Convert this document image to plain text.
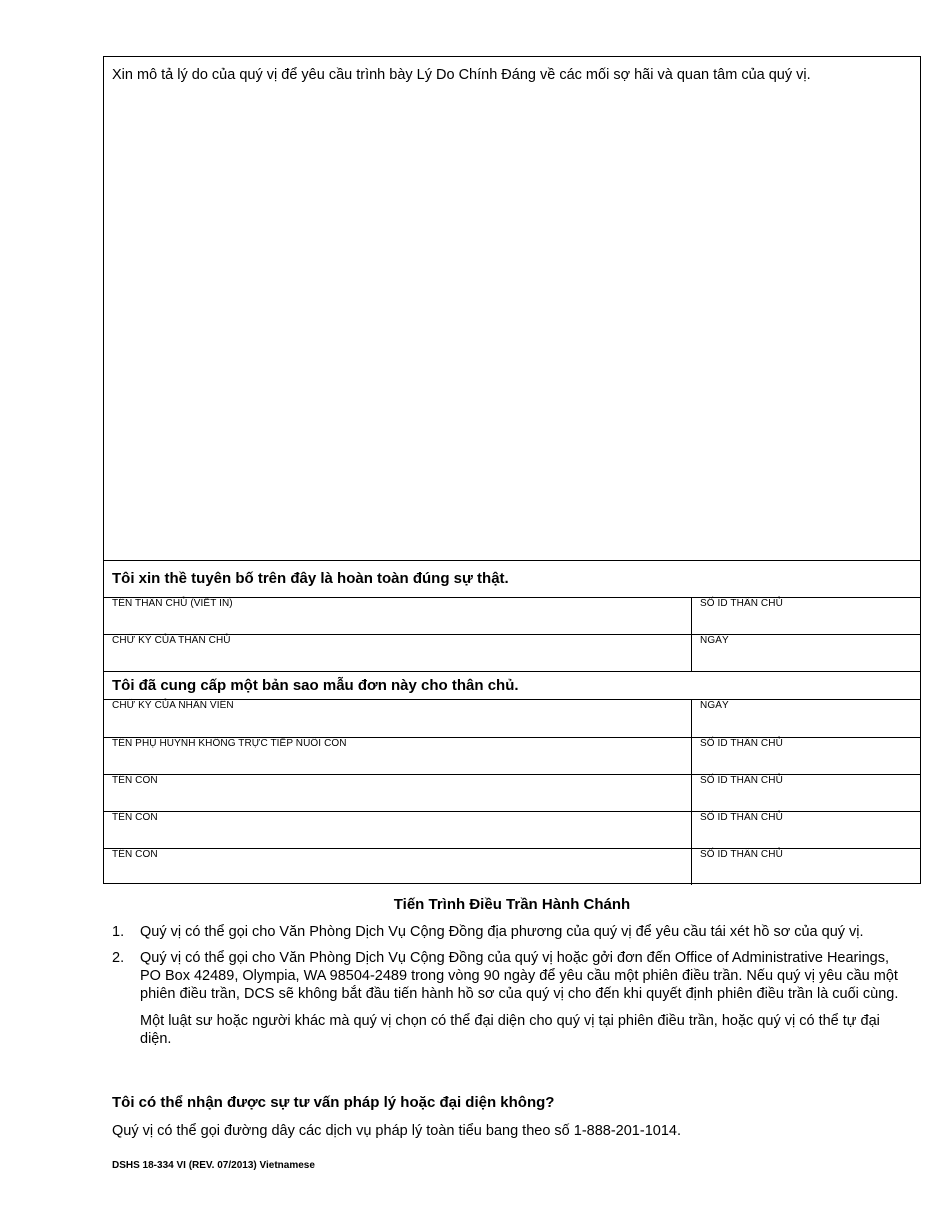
Xin mô tả lý do của quý vị để yêu cầu trình bày Lý Do Chính Đáng về các mối sợ hãi và quan tâm của quý vị.
Tôi xin thề tuyên bố trên đây là hoàn toàn đúng sự thật.
TÊN THÂN CHỦ (VIẾT IN)	SỐ ID THÂN CHỦ
CHỮ KÝ CỦA THÂN CHỦ	NGÀY
Tôi đã cung cấp một bản sao mẫu đơn này cho thân chủ.
CHỮ KÝ CỦA NHÂN VIÊN	NGÀY
TÊN PHỤ HUYNH KHÔNG TRỰC TIẾP NUÔI CON	SỐ ID THÂN CHỦ
TÊN CON	SỐ ID THÂN CHỦ
TÊN CON	SỐ ID THÂN CHỦ
TÊN CON	SỐ ID THÂN CHỦ
Tiến Trình Điều Trần Hành Chánh
1. Quý vị có thể gọi cho Văn Phòng Dịch Vụ Cộng Đồng địa phương của quý vị để yêu cầu tái xét hồ sơ của quý vị.
2. Quý vị có thể gọi cho Văn Phòng Dịch Vụ Cộng Đồng của quý vị hoặc gởi đơn đến Office of Administrative Hearings, PO Box 42489, Olympia, WA 98504-2489 trong vòng 90 ngày để yêu cầu một phiên điều trần. Nếu quý vị yêu cầu một phiên điều trần, DCS sẽ không bắt đầu tiến hành hồ sơ của quý vị cho đến khi quyết định phiên điều trần là cuối cùng.
Một luật sư hoặc người khác mà quý vị chọn có thể đại diện cho quý vị tại phiên điều trần, hoặc quý vị có thể tự đại diện.
Tôi có thể nhận được sự tư vấn pháp lý hoặc đại diện không?
Quý vị có thể gọi đường dây các dịch vụ pháp lý toàn tiểu bang theo số 1-888-201-1014.
DSHS 18-334 VI (REV. 07/2013) Vietnamese
